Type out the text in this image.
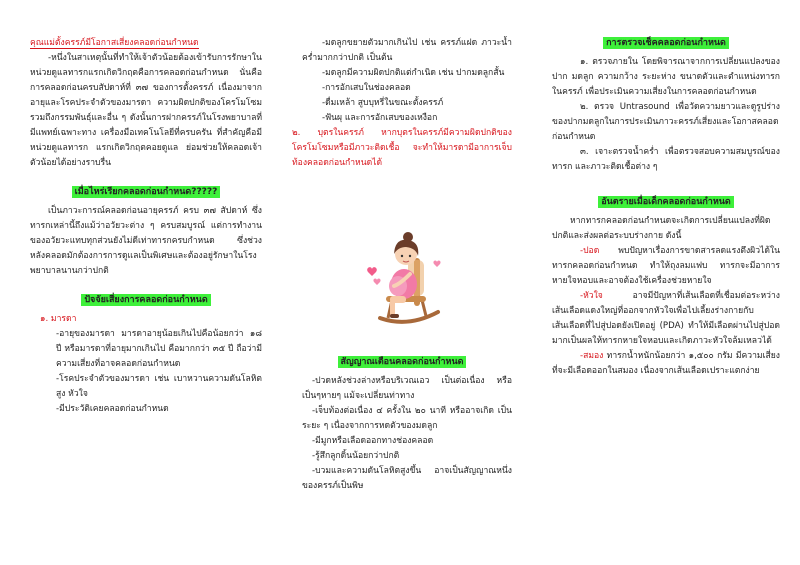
คุณแม่ตั้งครรภ์มีโอกาสเสี่ยงคลอดก่อนกำหนด

-หนึ่งในสาเหตุนั้นที่ทำให้เจ้าตัวน้อยต้องเข้ารับการรักษาในหน่วยดูแลทารกแรกเกิดวิกฤตคือการคลอดก่อนกำหนด นั่นคือการคลอดก่อนครบสัปดาห์ที่ ๓๗ ของการตั้งครรภ์ เนื่องมาจากอายุและโรคประจำตัวของมารดา ความผิดปกติของโครโมโซม รวมถึงกรรมพันธุ์และอื่น ๆ ดังนั้นการฝากครรภ์ในโรงพยาบาลที่มีแพทย์เฉพาะทาง เครื่องมือเทคโนโลยีที่ครบครัน ที่สำคัญคือมีหน่วยดูแลทารก แรกเกิดวิกฤตคอยดูแล ย่อมช่วยให้คลอดเจ้าตัวน้อยได้อย่างราบรื่น

เมื่อไหร่เรียกคลอดก่อนกำหนด?????

เป็นภาวะการณ์คลอดก่อนอายุครรภ์ ครบ ๓๗ สัปดาห์ ซึ่งทารกเหล่านี้ถึงแม้ว่าอวัยวะต่าง ๆ ครบสมบูรณ์ แต่การทำงานของอวัยวะแทบทุกส่วนยังไม่ดีเท่าทารกครบกำหนด ซึ่งช่วงหลังคลอดมักต้องการการดูแลเป็นพิเศษและต้องอยู่รักษาในโรงพยาบาลนานกว่าปกติ

ปัจจัยเสี่ยงการคลอดก่อนกำหนด

๑. มารดา

-อายุของมารดา มารดาอายุน้อยเกินไปคือน้อยกว่า ๑๘ ปี หรือมารดาที่อายุมากเกินไป คือมากกว่า ๓๕ ปี ถือว่ามีความเสี่ยงที่อาจคลอดก่อนกำหนด

-โรคประจำตัวของมารดา เช่น เบาหวานความดันโลหิตสูง หัวใจ

-มีประวัติเคยคลอดก่อนกำหนด

-มดลูกขยายตัวมากเกินไป เช่น ครรภ์แฝด ภาวะน้ำคร่ำมากกว่าปกติ เป็นต้น

-มดลูกมีความผิดปกติแต่กำเนิด เช่น ปากมดลูกสั้น

-การอักเสบในช่องคลอด

-ดื่มเหล้า สูบบุหรี่ในขณะตั้งครรภ์

-ฟันผุ และการอักเสบของเหงือก

๒. บุตรในครรภ์ หากบุตรในครรภ์มีความผิดปกติของโครโมโซมหรือมีภาวะติดเชื้อ จะทำให้มารดามีอาการเจ็บท้องคลอดก่อนกำหนดได้

สัญญาณเตือนคลอดก่อนกำหนด

-ปวดหลังช่วงล่างหรือบริเวณเอว เป็นต่อเนื่อง หรือ เป็นๆหายๆ แม้จะเปลี่ยนท่าทาง

-เจ็บท้องต่อเนื่อง ๔ ครั้งใน ๒๐ นาที หรืออาจเกิด เป็นระยะ ๆ เนื่องจากการหดตัวของมดลูก

-มีมูกหรือเลือดออกทางช่องคลอด

-รู้สึกลูกดิ้นน้อยกว่าปกติ

-บวมและความดันโลหิตสูงขึ้น อาจเป็นสัญญาณหนึ่งของครรภ์เป็นพิษ

การตรวจเช็คคลอดก่อนกำหนด

๑. ตรวจภายใน โดยพิจารณาจากการเปลี่ยนแปลงของปาก มดลูก ความกว้าง ระยะห่าง ขนาดตัวและตำแหน่งทารกในครรภ์ เพื่อประเมินความเสี่ยงในการคลอดก่อนกำหนด

๒. ตรวจ Untrasound เพื่อวัดความยาวและดูรูปร่างของปากมดลูกในการประเมินภาวะครรภ์เสี่ยงและโอกาสคลอดก่อนกำหนด

๓. เจาะตรวจน้ำคร่ำ เพื่อตรวจสอบความสมบูรณ์ของทารก และภาวะติดเชื้อต่าง ๆ

อันตรายเมื่อเด็กคลอดก่อนกำหนด

หากทารกคลอดก่อนกำหนดจะเกิดการเปลี่ยนแปลงที่ผิดปกติและส่งผลต่อระบบร่างกาย ดังนี้

-ปอด พบปัญหาเรื่องการขาดสารลดแรงตึงผิวได้ในทารกคลอดก่อนกำหนด ทำให้ถุงลมแฟบ ทารกจะมีอาการหายใจหอบและอาจต้องใช้เครื่องช่วยหายใจ

-หัวใจ อาจมีปัญหาที่เส้นเลือดที่เชื่อมต่อระหว่างเส้นเลือดแดงใหญ่ที่ออกจากหัวใจเพื่อไปเลี้ยงร่างกายกับเส้นเลือดที่ไปสู่ปอดยังเปิดอยู่ (PDA) ทำให้มีเลือดผ่านไปสู่ปอดมากเป็นผลให้ทารกหายใจหอบและเกิดภาวะหัวใจล้มเหลวได้

-สมอง ทารกน้ำหนักน้อยกว่า ๑,๕๐๐ กรัม มีความเสี่ยงที่จะมีเลือดออกในสมอง เนื่องจากเส้นเลือดเปราะแตกง่าย
